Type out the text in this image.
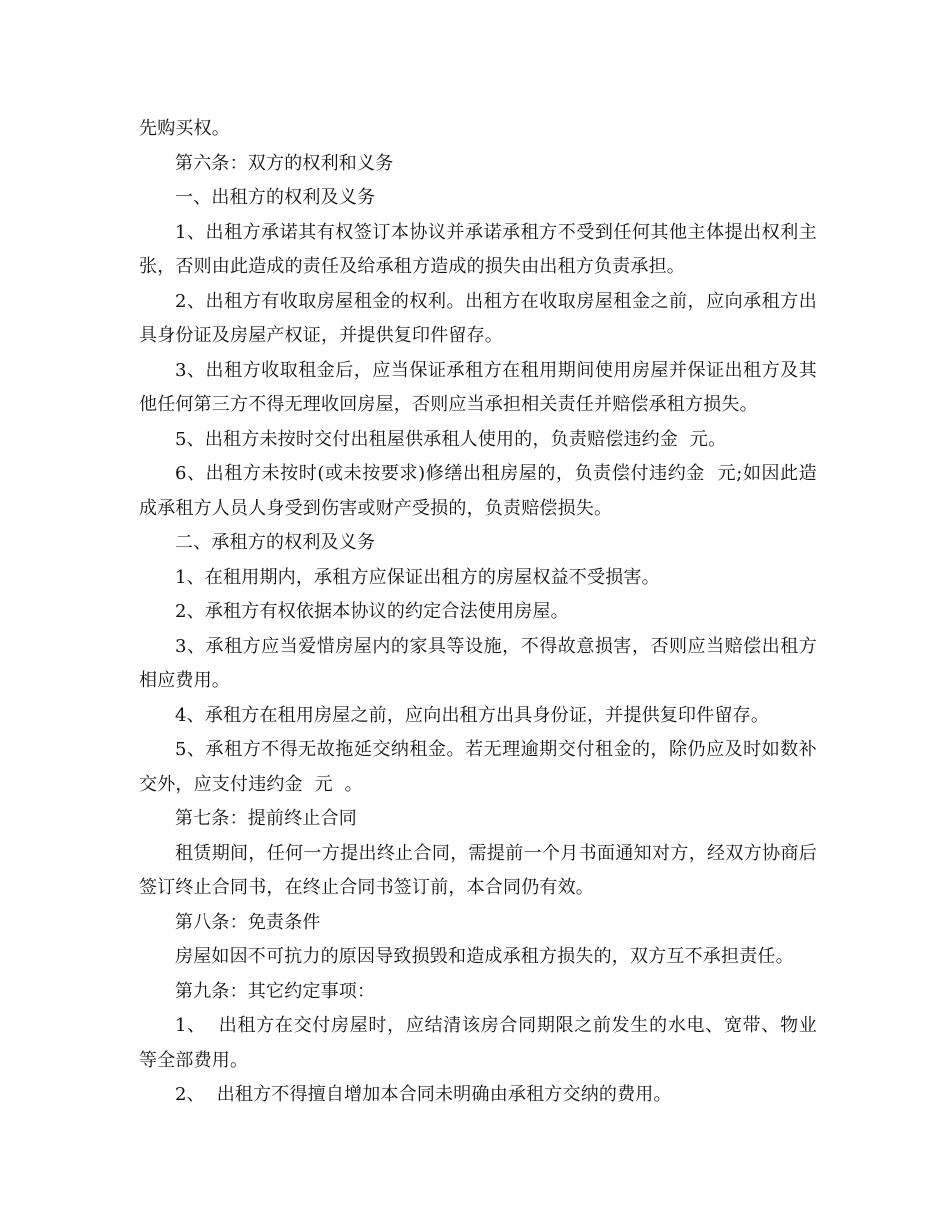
先购买权。

第六条：双方的权利和义务

一、出租方的权利及义务

1、出租方承诺其有权签订本协议并承诺承租方不受到任何其他主体提出权利主张，否则由此造成的责任及给承租方造成的损失由出租方负责承担。

2、出租方有收取房屋租金的权利。出租方在收取房屋租金之前，应向承租方出具身份证及房屋产权证，并提供复印件留存。

3、出租方收取租金后，应当保证承租方在租用期间使用房屋并保证出租方及其他任何第三方不得无理收回房屋，否则应当承担相关责任并赔偿承租方损失。

5、出租方未按时交付出租屋供承租人使用的，负责赔偿违约金  元。

6、出租方未按时(或未按要求)修缮出租房屋的，负责偿付违约金  元;如因此造成承租方人员人身受到伤害或财产受损的，负责赔偿损失。

二、承租方的权利及义务

1、在租用期内，承租方应保证出租方的房屋权益不受损害。

2、承租方有权依据本协议的约定合法使用房屋。

3、承租方应当爱惜房屋内的家具等设施，不得故意损害，否则应当赔偿出租方相应费用。

4、承租方在租用房屋之前，应向出租方出具身份证，并提供复印件留存。

5、承租方不得无故拖延交纳租金。若无理逾期交付租金的，除仍应及时如数补交外，应支付违约金  元  。

第七条：提前终止合同

租赁期间，任何一方提出终止合同，需提前一个月书面通知对方，经双方协商后签订终止合同书，在终止合同书签订前，本合同仍有效。

第八条：免责条件

房屋如因不可抗力的原因导致损毁和造成承租方损失的，双方互不承担责任。

第九条：其它约定事项：

1、  出租方在交付房屋时，应结清该房合同期限之前发生的水电、宽带、物业等全部费用。

2、  出租方不得擅自增加本合同未明确由承租方交纳的费用。
